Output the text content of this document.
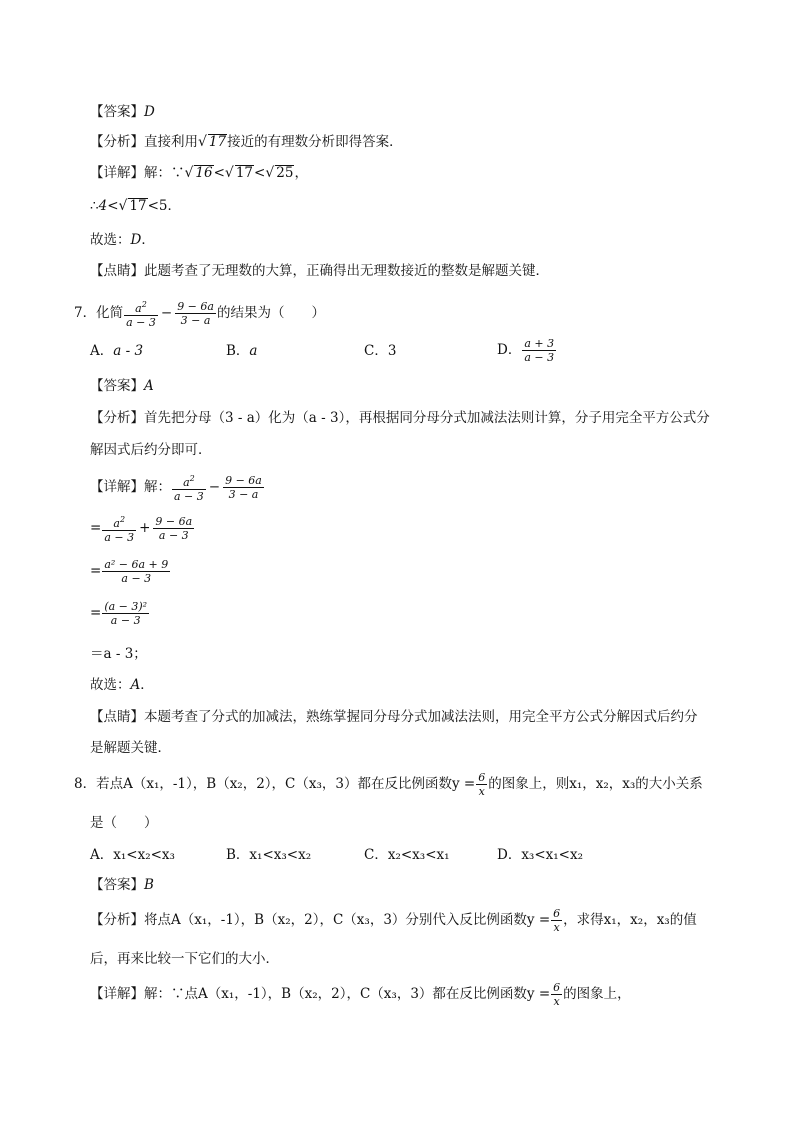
【答案】D
【分析】直接利用√ 17接近的有理数分析即得答案．
【详解】解：∵√ 16<√ 17<√ 25，
∴4<√ 17<5．
故选：D．
【点睛】此题考查了无理数的大算，正确得出无理数接近的整数是解题关键．
7．化简 $\frac{a^2}{a - 3} - \frac{9 - 6a}{3 - a}$ 的结果为（　　）
A．a - 3	B．a	C．3	D． $\frac{a + 3}{a - 3}$
【答案】A
【分析】首先把分母（3 - a）化为（a - 3），再根据同分母分式加减法法则计算，分子用完全平方公式分
解因式后约分即可．
【详解】解： $\frac{a^2}{a - 3} - \frac{9 - 6a}{3 - a}$
= $\frac{a^2}{a - 3} + \frac{9 - 6a}{a - 3}$
= $\frac{\text{a² − 6a + 9}}{a - 3}$
= $\frac{\text{(a − 3)²}}{a - 3}$
＝a - 3；
故选：A．
【点睛】本题考查了分式的加减法，熟练掌握同分母分式加减法法则，用完全平方公式分解因式后约分
是解题关键．
8．若点A（x₁，-1），B（x₂，2），C（x₃，3）都在反比例函数$y = \frac{6}{x}$ 的图象上，则x₁，x₂，x₃的大小关系
是（　　）
A．x₁<x₂<x₃	B．x₁<x₃<x₂	C．x₂<x₃<x₁	D．x₃<x₁<x₂
【答案】B
【分析】将点A（x₁，-1），B（x₂，2），C（x₃，3）分别代入反比例函数$y = \frac{6}{x}$ ，求得x₁，x₂，x₃的值
后，再来比较一下它们的大小．
【详解】解：∵点A（x₁，-1），B（x₂，2），C（x₃，3）都在反比例函数$y = \frac{6}{x}$ 的图象上，
